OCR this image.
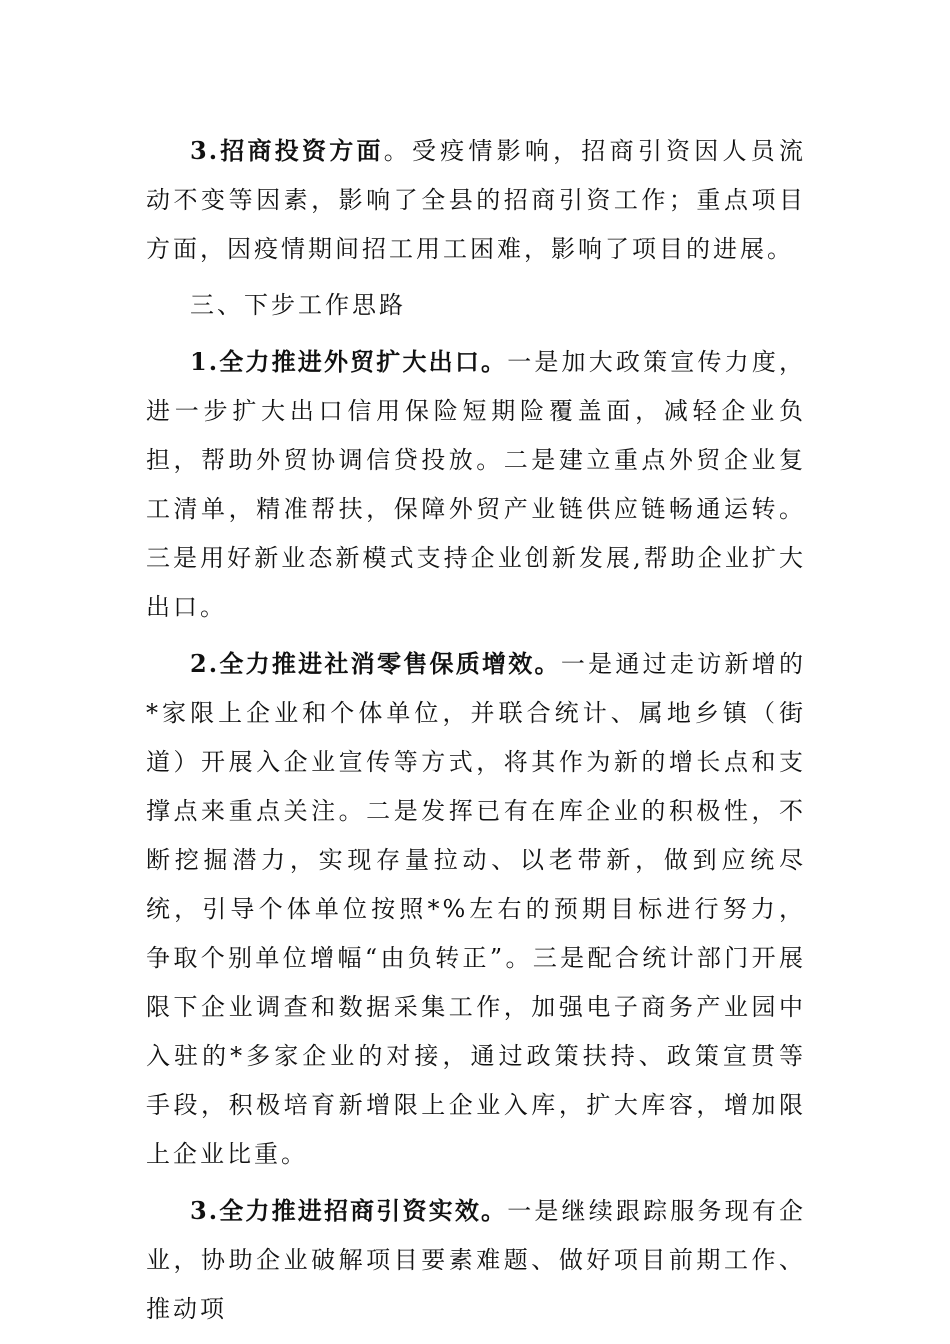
3.招商投资方面。受疫情影响，招商引资因人员流动不变等因素，影响了全县的招商引资工作；重点项目方面，因疫情期间招工用工困难，影响了项目的进展。

三、下步工作思路

1.全力推进外贸扩大出口。一是加大政策宣传力度，进一步扩大出口信用保险短期险覆盖面，减轻企业负担，帮助外贸协调信贷投放。二是建立重点外贸企业复工清单，精准帮扶，保障外贸产业链供应链畅通运转。三是用好新业态新模式支持企业创新发展,帮助企业扩大出口。

2.全力推进社消零售保质增效。一是通过走访新增的*家限上企业和个体单位，并联合统计、属地乡镇（街道）开展入企业宣传等方式，将其作为新的增长点和支撑点来重点关注。二是发挥已有在库企业的积极性，不断挖掘潜力，实现存量拉动、以老带新，做到应统尽统，引导个体单位按照*%左右的预期目标进行努力，争取个别单位增幅“由负转正”。三是配合统计部门开展限下企业调查和数据采集工作，加强电子商务产业园中入驻的*多家企业的对接，通过政策扶持、政策宣贯等手段，积极培育新增限上企业入库，扩大库容，增加限上企业比重。

3.全力推进招商引资实效。一是继续跟踪服务现有企业，协助企业破解项目要素难题、做好项目前期工作、推动项
